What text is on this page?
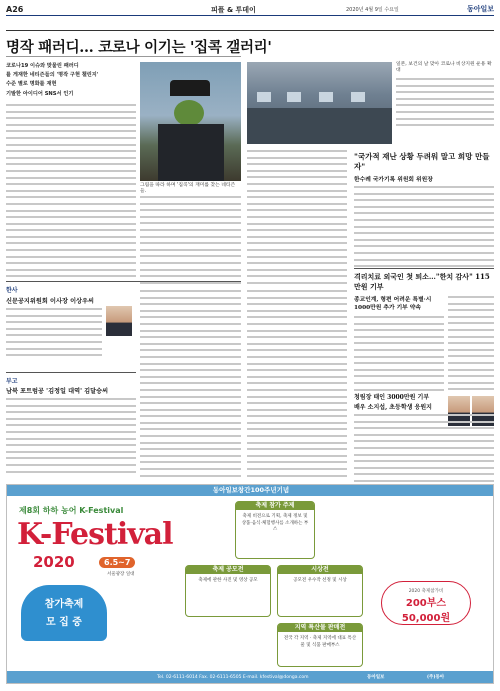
A26	피플 & 투데이	2020년 4월 9일 수요일	동아일보
명작 패러디… 코로나 이기는 '집콕 갤러리'
코로나19 이슈와 맞물린 패러디
를 게재한 네티즌들의 '명작 구현 챌린지'
수준 별로 명화를 재현
기발한 아이디어 SNS서 인기
그림을 따라 하며 '집콕'의 재미를 찾는 네티즌들.
일본, 보건의 날 맞아 코로나 비상지원 운용 확대
한사
신문공지위원회 이사장 이상우씨
부고
남북 포트럼공 '김정일 대역' 김달승씨
"국가적 재난 상황 두려워 말고 희망 만들자"
한수례 국가기록 위원회 위원장
격리치료 외국인 첫 퇴소…"한치 감사" 115만원 기부
종교인계, 형편 어려운 특별·시 1000만원 추가 기부 약속
청림장 태인 3000만원 기부
배우 소지섭, 초등학생 응원지
동아일보창간100주년기념
제8회 하하 농어 K-Festival
K-Festival
2020	6.5~7
서울광장 일대
참가축제
모 집 중
축제 참가 주제
축제 비전으로 기획, 축제 정보 및 상품·음식·체험행사를 소개하는 부스
축제 공모전
축제에 관한 사진 및 영상 공모
시상전
공모전 우수작 선정 및 시상
지역 특산물 판매전
전국 각 지역 · 축제 지역에 대표 특산물 및 식품 판매부스
2020 축제참가비
200부스
50,000원
Tel. 02-6111-6014 Fax. 02-6111-6505 E-mail. kfestival@donga.com	동아일보	(주)동아
